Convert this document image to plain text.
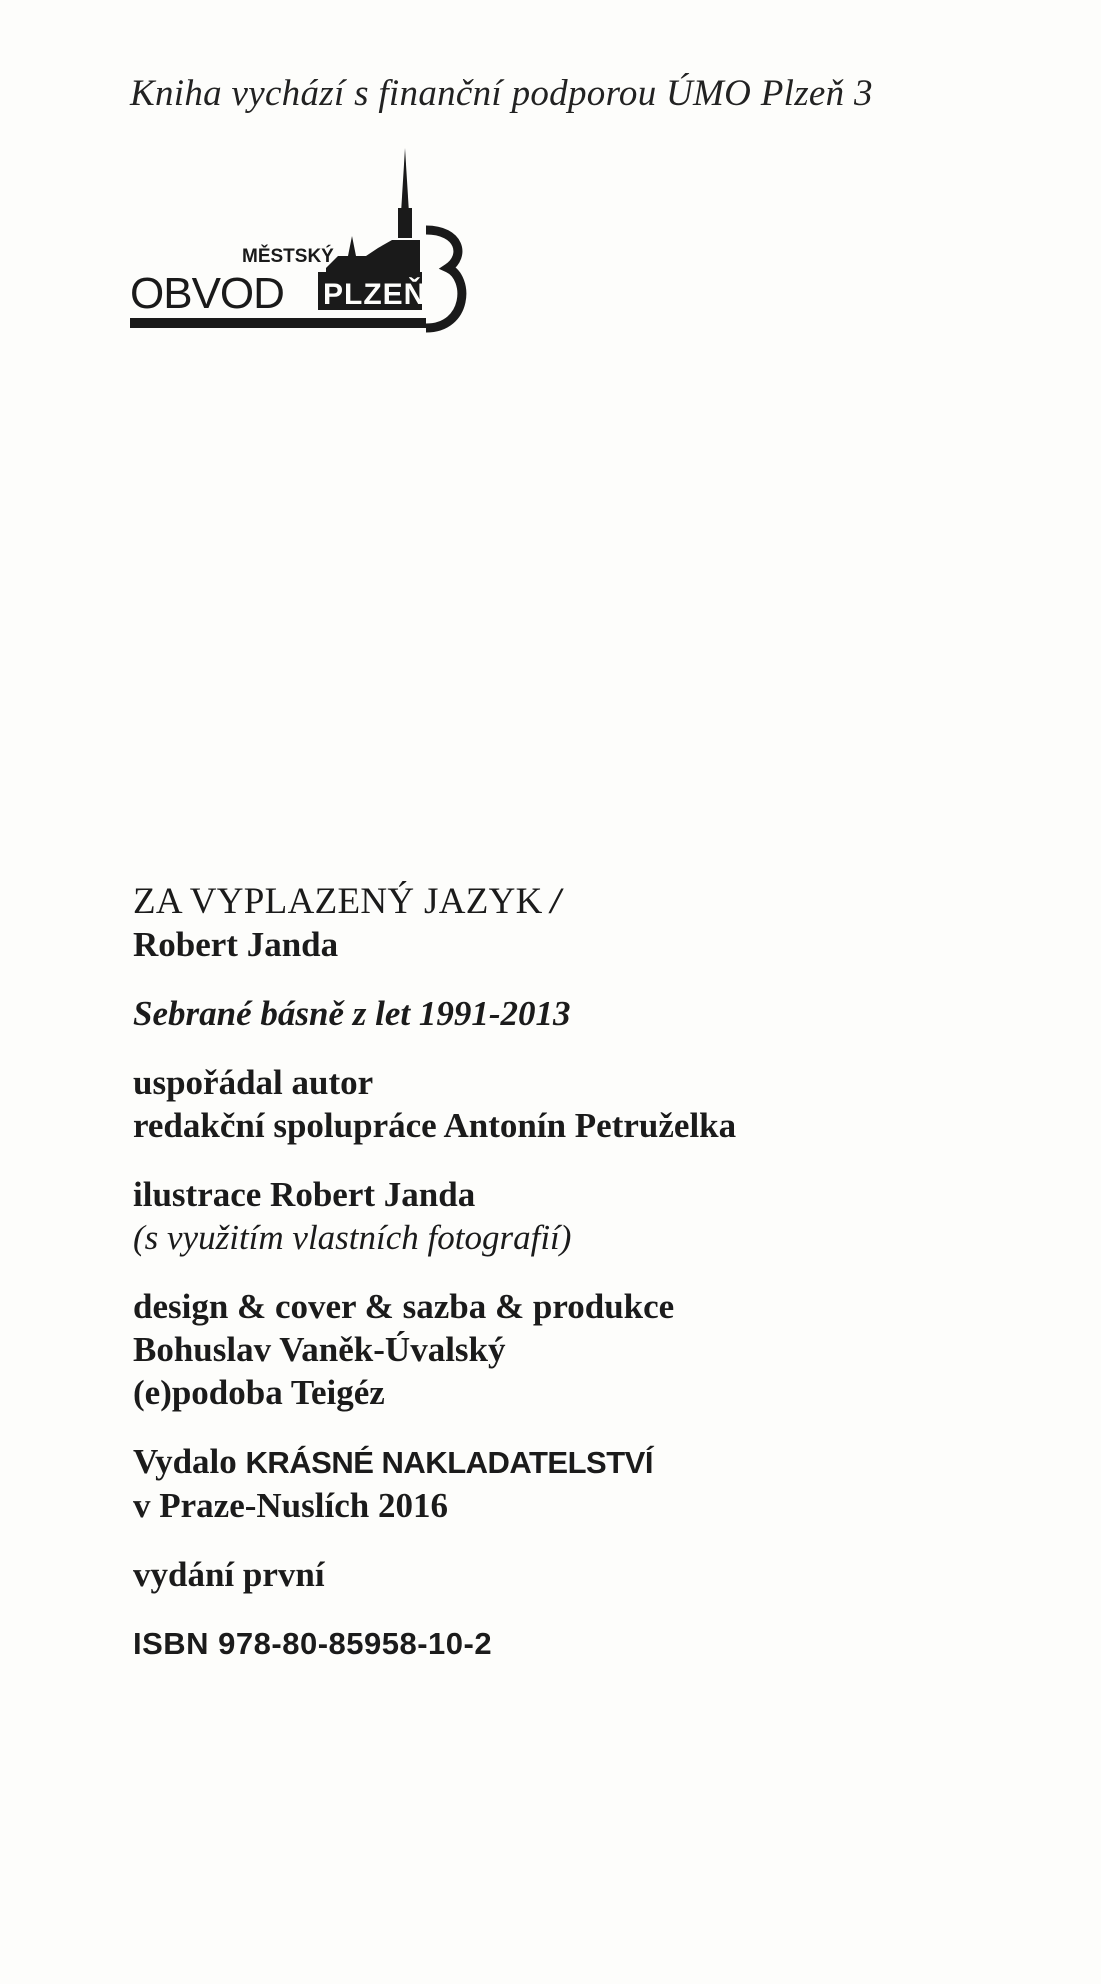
Kniha vychází s finanční podporou ÚMO Plzeň 3
MĚSTSKÝ
OBVOD PLZEŇ
ZA VYPLAZENÝ JAZYK /
Robert Janda
Sebrané básně z let 1991-2013
uspořádal autor
redakční spolupráce Antonín Petruželka
ilustrace Robert Janda
(s využitím vlastních fotografií)
design & cover & sazba & produkce
Bohuslav Vaněk-Úvalský
(e)podoba Teigéz
Vydalo KRÁSNÉ NAKLADATELSTVÍ
v Praze-Nuslích 2016
vydání první
ISBN 978-80-85958-10-2
